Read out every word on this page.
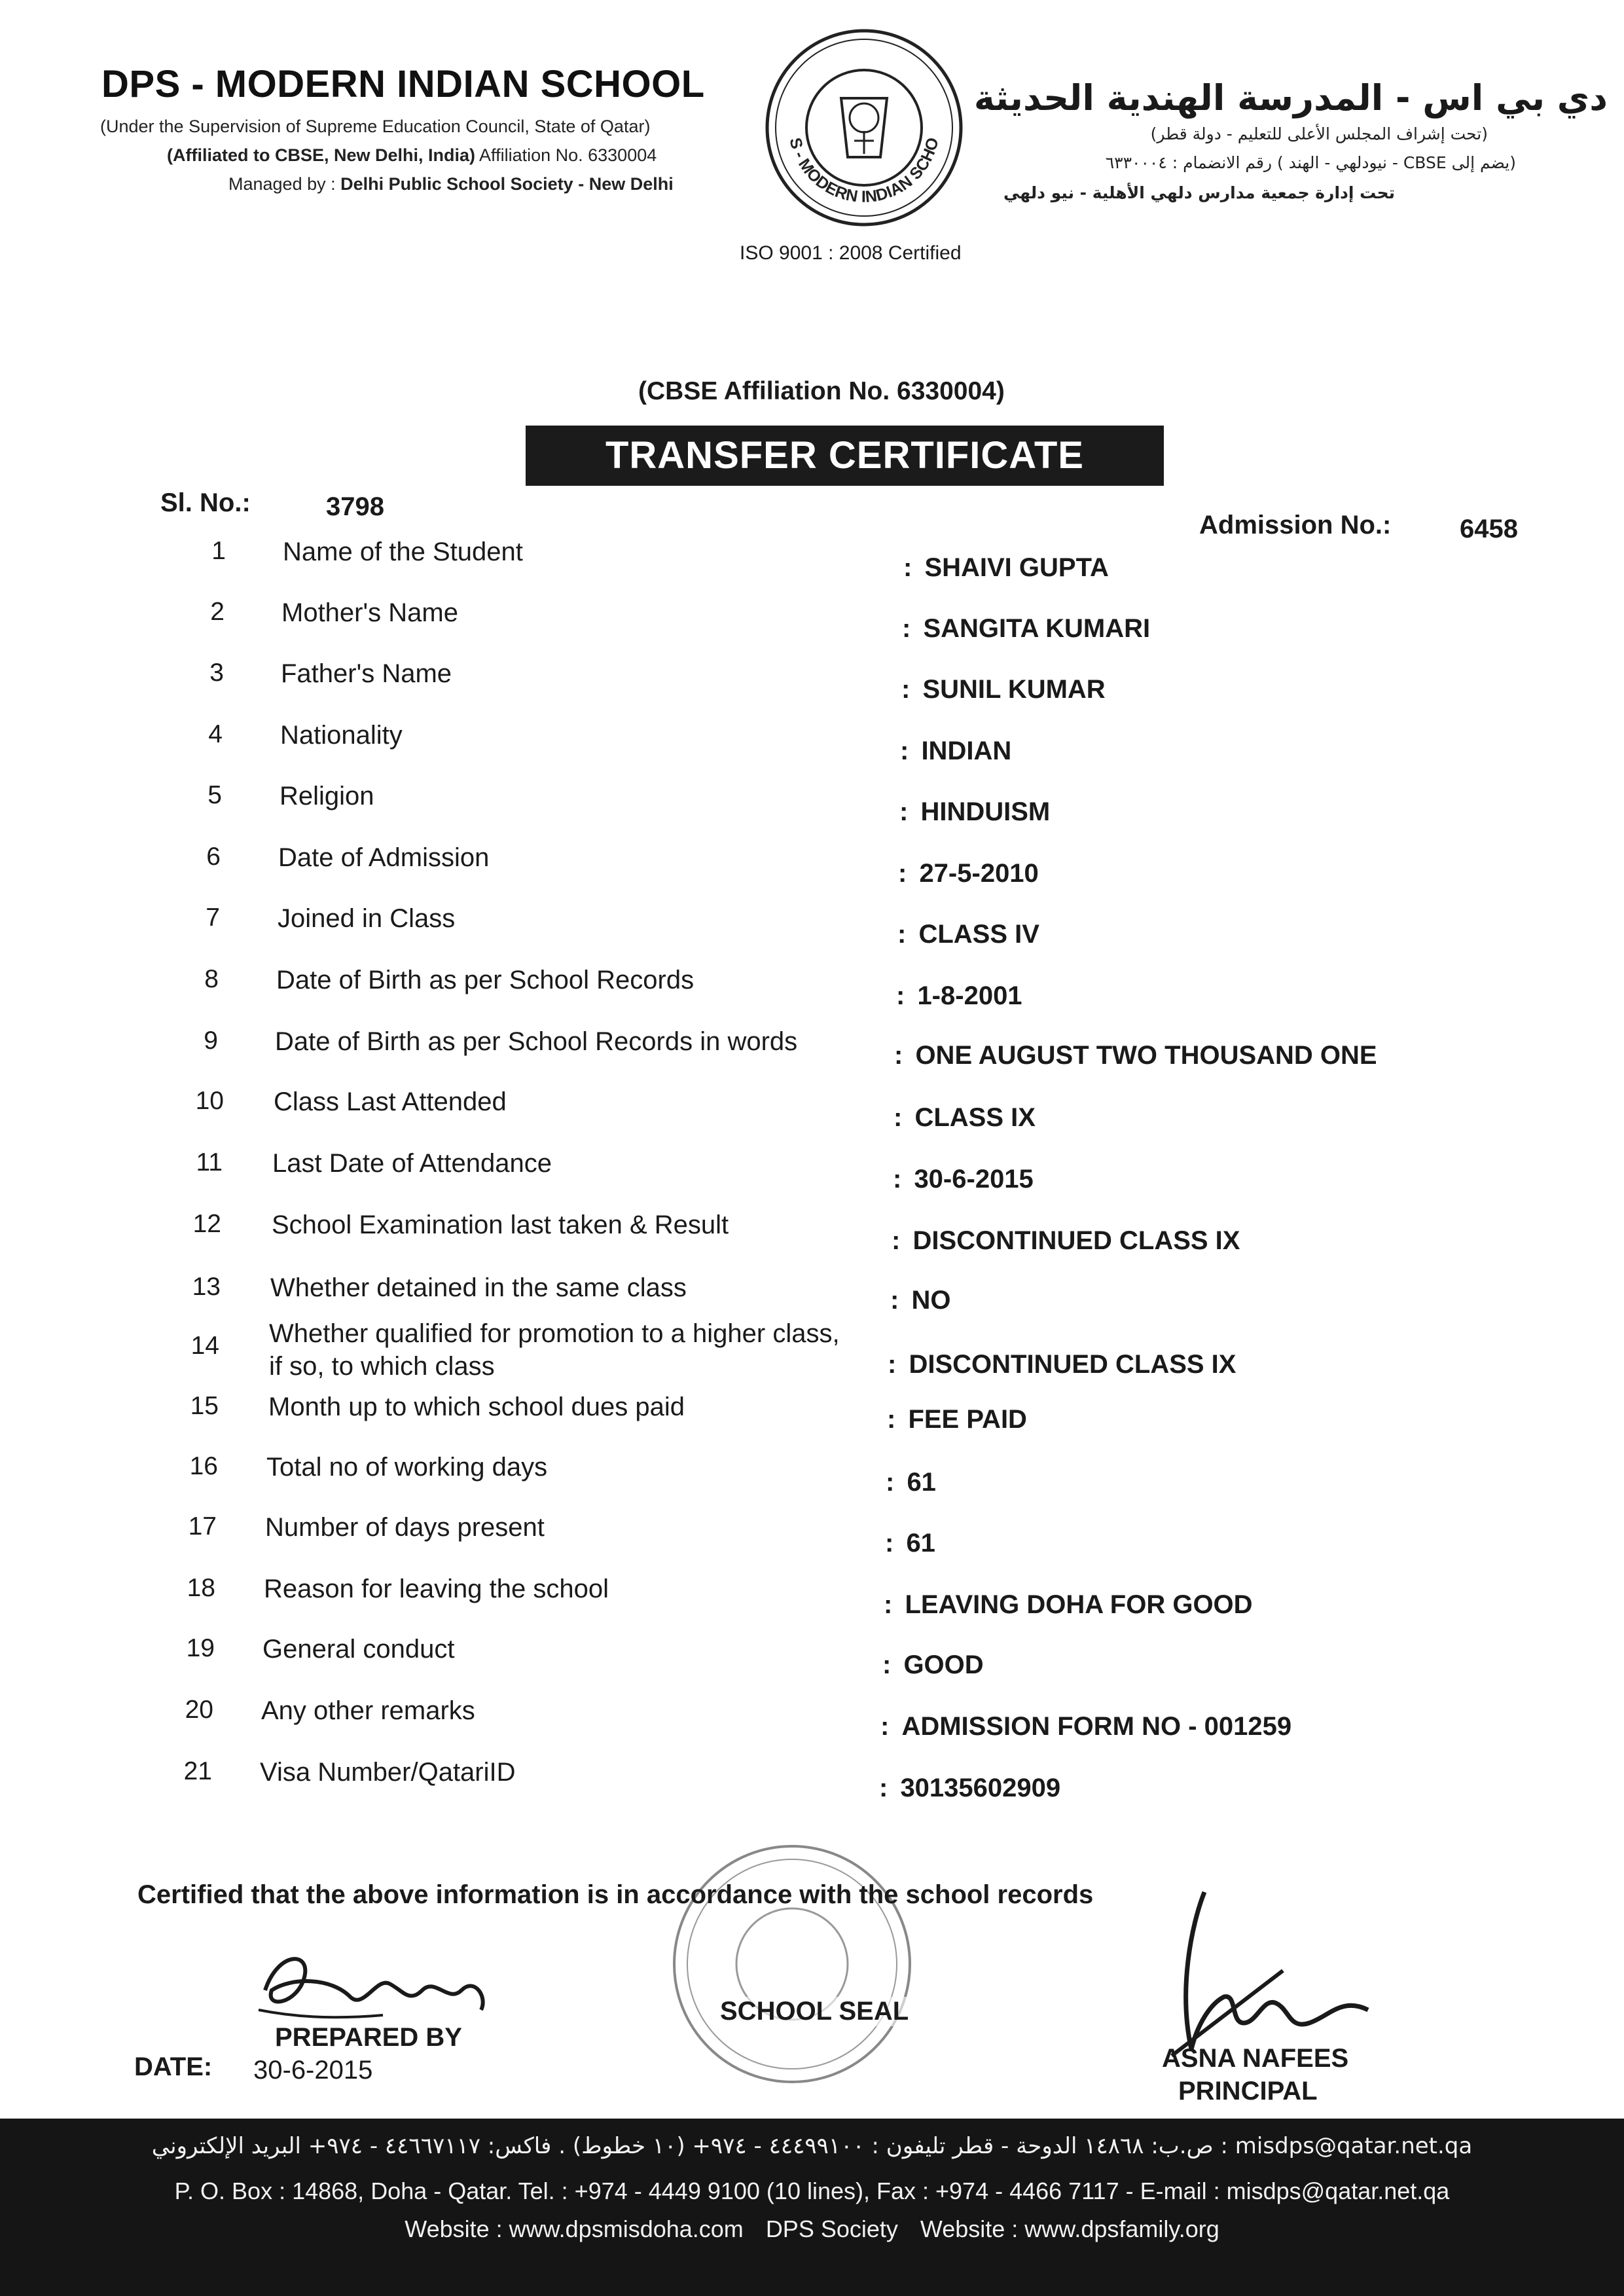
DPS - MODERN INDIAN SCHOOL
(Under the Supervision of Supreme Education Council, State of Qatar)
(Affiliated to CBSE, New Delhi, India) Affiliation No. 6330004
Managed by : Delhi Public School Society - New Delhi
S - MODERN INDIAN SCHO
دي بي اس - المدرسة الهندية الحديثة
(تحت إشراف المجلس الأعلى للتعليم - دولة قطر)
(يضم إلى CBSE - نيودلهي - الهند ) رقم الانضمام : ٦٣٣٠٠٠٤
تحت إدارة جمعية مدارس دلهي الأهلية - نيو دلهي
ISO 9001 : 2008 Certified
(CBSE Affiliation No. 6330004)
TRANSFER CERTIFICATE
Sl. No.:	3798
Admission No.:	6458
1 Name of the Student
: SHAIVI GUPTA
2 Mother's Name
: SANGITA KUMARI
3 Father's Name
: SUNIL KUMAR
4 Nationality
: INDIAN
5 Religion
: HINDUISM
6 Date of Admission
: 27-5-2010
7 Joined in Class
: CLASS IV
8 Date of Birth as per School Records
: 1-8-2001
9 Date of Birth as per School Records in words	: ONE AUGUST TWO THOUSAND ONE
10 Class Last Attended
: CLASS IX
11 Last Date of Attendance
: 30-6-2015
12 School Examination last taken & Result
: DISCONTINUED CLASS IX
13 Whether detained in the same class	: NO
14 Whether qualified for promotion to a higher class,
if so, to which class	: DISCONTINUED CLASS IX
15 Month up to which school dues paid	: FEE PAID
16 Total no of working days
: 61
17 Number of days present
: 61
18 Reason for leaving the school
: LEAVING DOHA FOR GOOD
19 General conduct
: GOOD
20 Any other remarks
: ADMISSION FORM NO - 001259
21 Visa Number/QatariID
: 30135602909
Certified that the above information is in accordance with the school records
PREPARED BY
DATE: 30-6-2015
SCHOOL SEAL
ASNA NAFEES
PRINCIPAL
ص.ب: ١٤٨٦٨ الدوحة - قطر تليفون : ٤٤٤٩٩١٠٠ - ٩٧٤+ (١٠ خطوط) . فاكس: ٤٤٦٦٧١١٧ - ٩٧٤+ البريد الإلكتروني : misdps@qatar.net.qa
P. O. Box : 14868, Doha - Qatar. Tel. : +974 - 4449 9100 (10 lines), Fax : +974 - 4466 7117 - E-mail : misdps@qatar.net.qa
Website : www.dpsmisdoha.com DPS Society Website : www.dpsfamily.org
